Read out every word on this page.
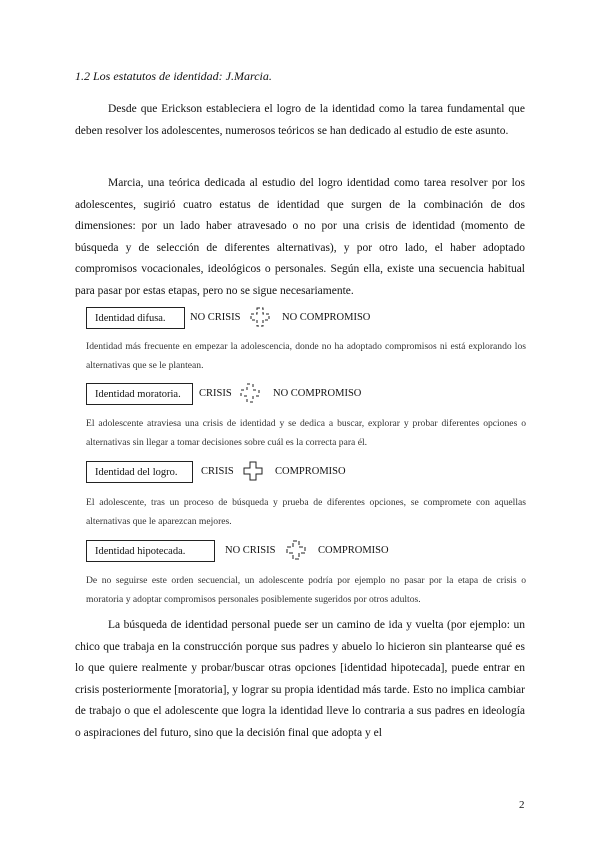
1.2 Los estatutos de identidad: J.Marcia.

Desde que Erickson estableciera el logro de la identidad como la tarea fundamental que deben resolver los adolescentes, numerosos teóricos se han dedicado al estudio de este asunto.

Marcia, una teórica dedicada al estudio del logro identidad como tarea resolver por los adolescentes, sugirió cuatro estatus de identidad que surgen de la combinación de dos dimensiones: por un lado haber atravesado o no por una crisis de identidad (momento de búsqueda y de selección de diferentes alternativas), y por otro lado, el haber adoptado compromisos vocacionales, ideológicos o personales. Según ella, existe una secuencia habitual para pasar por estas etapas, pero no se sigue necesariamente.

Identidad difusa.	NO CRISIS	NO COMPROMISO

Identidad más frecuente en empezar la adolescencia, donde no ha adoptado compromisos ni está explorando los alternativas que se le plantean.

Identidad moratoria.	CRISIS	NO COMPROMISO

El adolescente atraviesa una crisis de identidad y se dedica a buscar, explorar y probar diferentes opciones o alternativas sin llegar a tomar decisiones sobre cuál es la correcta para él.

Identidad del logro.	CRISIS	COMPROMISO

El adolescente, tras un proceso de búsqueda y prueba de diferentes opciones, se compromete con aquellas alternativas que le aparezcan mejores.

Identidad hipotecada.	NO CRISIS	COMPROMISO

De no seguirse este orden secuencial, un adolescente podría por ejemplo no pasar por la etapa de crisis o moratoria y adoptar compromisos personales posiblemente sugeridos por otros adultos.

La búsqueda de identidad personal puede ser un camino de ida y vuelta (por ejemplo: un chico que trabaja en la construcción porque sus padres y abuelo lo hicieron sin plantearse qué es lo que quiere realmente y probar/buscar otras opciones [identidad hipotecada], puede entrar en crisis posteriormente [moratoria], y lograr su propia identidad más tarde. Esto no implica cambiar de trabajo o que el adolescente que logra la identidad lleve lo contraria a sus padres en ideología o aspiraciones del futuro, sino que la decisión final que adopta y el

2
